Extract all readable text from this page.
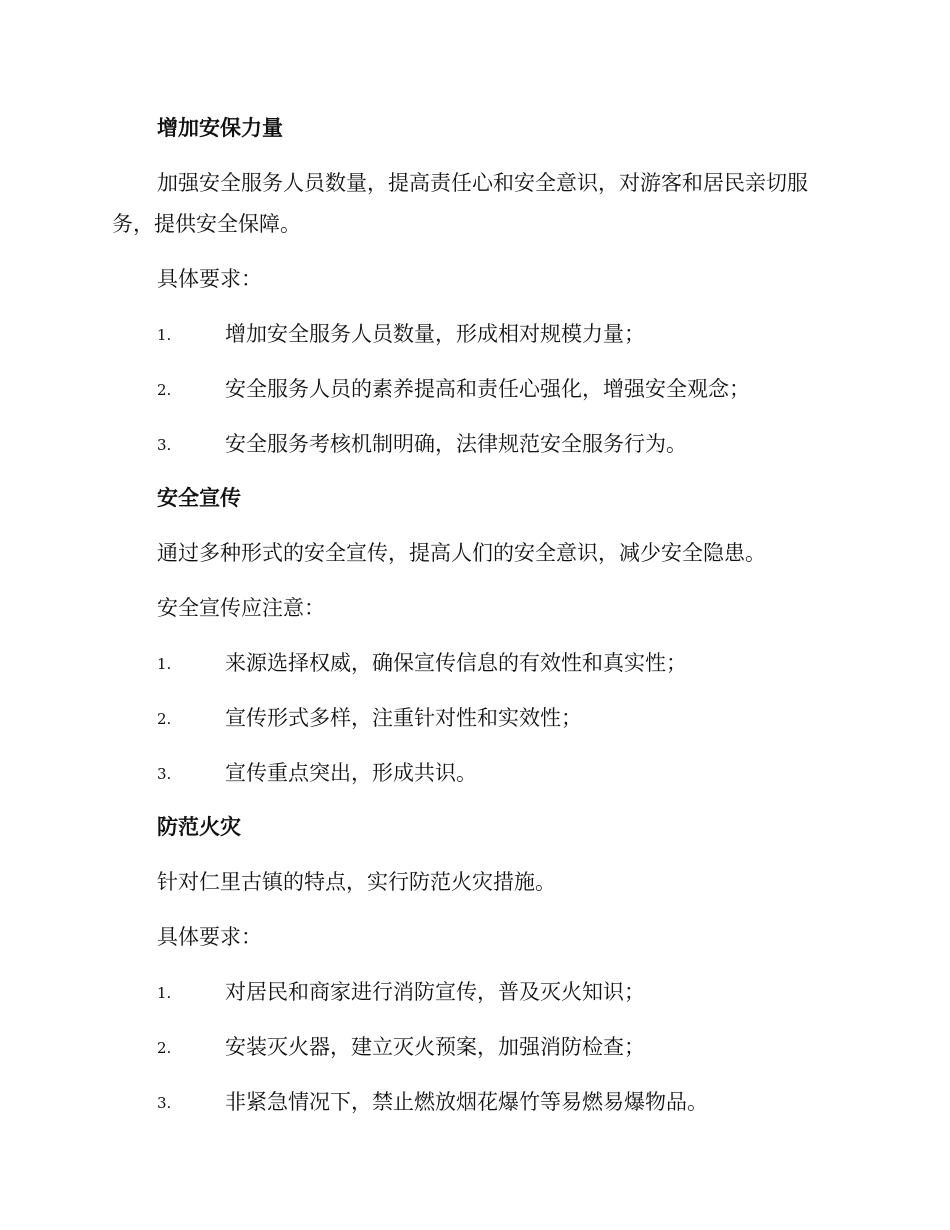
增加安保力量
加强安全服务人员数量，提高责任心和安全意识，对游客和居民亲切服
务，提供安全保障。
具体要求：
1.	增加安全服务人员数量，形成相对规模力量；
2.	安全服务人员的素养提高和责任心强化，增强安全观念；
3.	安全服务考核机制明确，法律规范安全服务行为。
安全宣传
通过多种形式的安全宣传，提高人们的安全意识，减少安全隐患。
安全宣传应注意：
1.	来源选择权威，确保宣传信息的有效性和真实性；
2.	宣传形式多样，注重针对性和实效性；
3.	宣传重点突出，形成共识。
防范火灾
针对仁里古镇的特点，实行防范火灾措施。
具体要求：
1.	对居民和商家进行消防宣传，普及灭火知识；
2.	安装灭火器，建立灭火预案，加强消防检查；
3.	非紧急情况下，禁止燃放烟花爆竹等易燃易爆物品。
